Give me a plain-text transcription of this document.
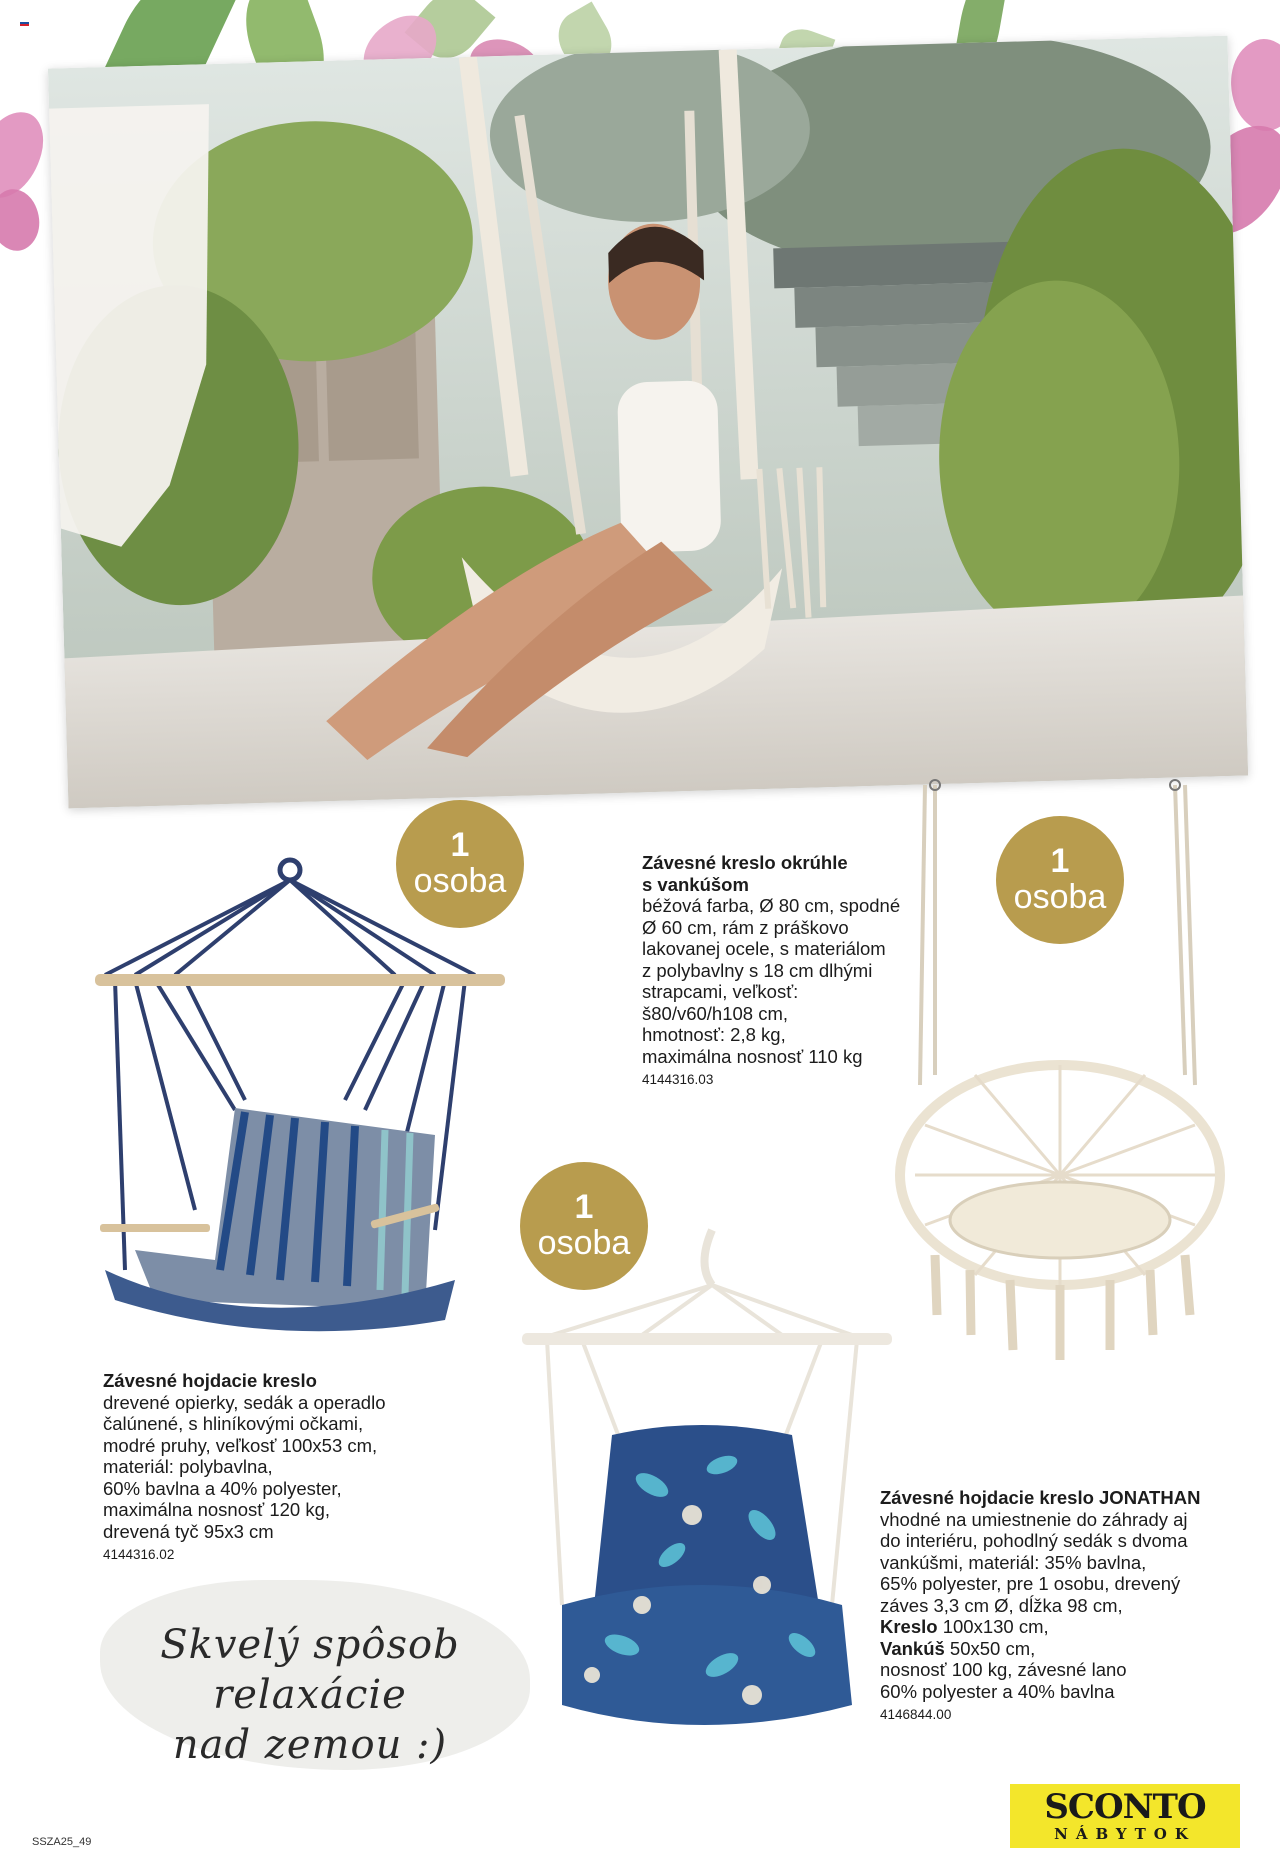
1
osoba
1
osoba
1
osoba
Závesné kreslo okrúhle
s vankúšom
béžová farba, Ø 80 cm, spodné
Ø 60 cm, rám z práškovo
lakovanej ocele, s materiálom
z polybavlny s 18 cm dlhými
strapcami, veľkosť:
š80/v60/h108 cm,
hmotnosť: 2,8 kg,
maximálna nosnosť 110 kg
4144316.03
Závesné hojdacie kreslo
drevené opierky, sedák a operadlo
čalúnené, s hliníkovými očkami,
modré pruhy, veľkosť 100x53 cm,
materiál: polybavlna,
60% bavlna a 40% polyester,
maximálna nosnosť 120 kg,
drevená tyč 95x3 cm
4144316.02
Závesné hojdacie kreslo JONATHAN
vhodné na umiestnenie do záhrady aj
do interiéru, pohodlný sedák s dvoma
vankúšmi, materiál: 35% bavlna,
65% polyester, pre 1 osobu, drevený
záves 3,3 cm Ø, dĺžka 98 cm,
Kreslo 100x130 cm,
Vankúš 50x50 cm,
nosnosť 100 kg, závesné lano
60% polyester a 40% bavlna
4146844.00
Skvelý spôsob relaxácie
nad zemou :)
SSZA25_49
SCONTO
NÁBYTOK
